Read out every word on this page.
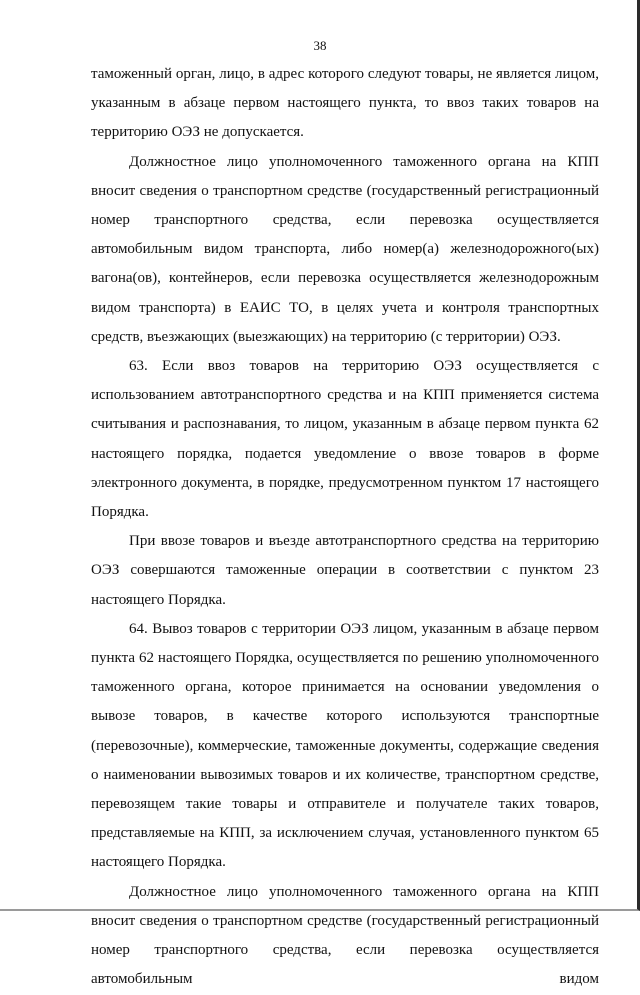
38

таможенный орган, лицо, в адрес которого следуют товары, не является лицом, указанным в абзаце первом настоящего пункта, то ввоз таких товаров на территорию ОЭЗ не допускается.

Должностное лицо уполномоченного таможенного органа на КПП вносит сведения о транспортном средстве (государственный регистрационный номер транспортного средства, если перевозка осуществляется автомобильным видом транспорта, либо номер(а) железнодорожного(ых) вагона(ов), контейнеров, если перевозка осуществляется железнодорожным видом транспорта) в ЕАИС ТО, в целях учета и контроля транспортных средств, въезжающих (выезжающих) на территорию (с территории) ОЭЗ.

63. Если ввоз товаров на территорию ОЭЗ осуществляется с использованием автотранспортного средства и на КПП применяется система считывания и распознавания, то лицом, указанным в абзаце первом пункта 62 настоящего порядка, подается уведомление о ввозе товаров в форме электронного документа, в порядке, предусмотренном пунктом 17 настоящего Порядка.

При ввозе товаров и въезде автотранспортного средства на территорию ОЭЗ совершаются таможенные операции в соответствии с пунктом 23 настоящего Порядка.

64. Вывоз товаров с территории ОЭЗ лицом, указанным в абзаце первом пункта 62 настоящего Порядка, осуществляется по решению уполномоченного таможенного органа, которое принимается на основании уведомления о вывозе товаров, в качестве которого используются транспортные (перевозочные), коммерческие, таможенные документы, содержащие сведения о наименовании вывозимых товаров и их количестве, транспортном средстве, перевозящем такие товары и отправителе и получателе таких товаров, представляемые на КПП, за исключением случая, установленного пунктом 65 настоящего Порядка.

Должностное лицо уполномоченного таможенного органа на КПП вносит сведения о транспортном средстве (государственный регистрационный номер транспортного средства, если перевозка осуществляется автомобильным видом
